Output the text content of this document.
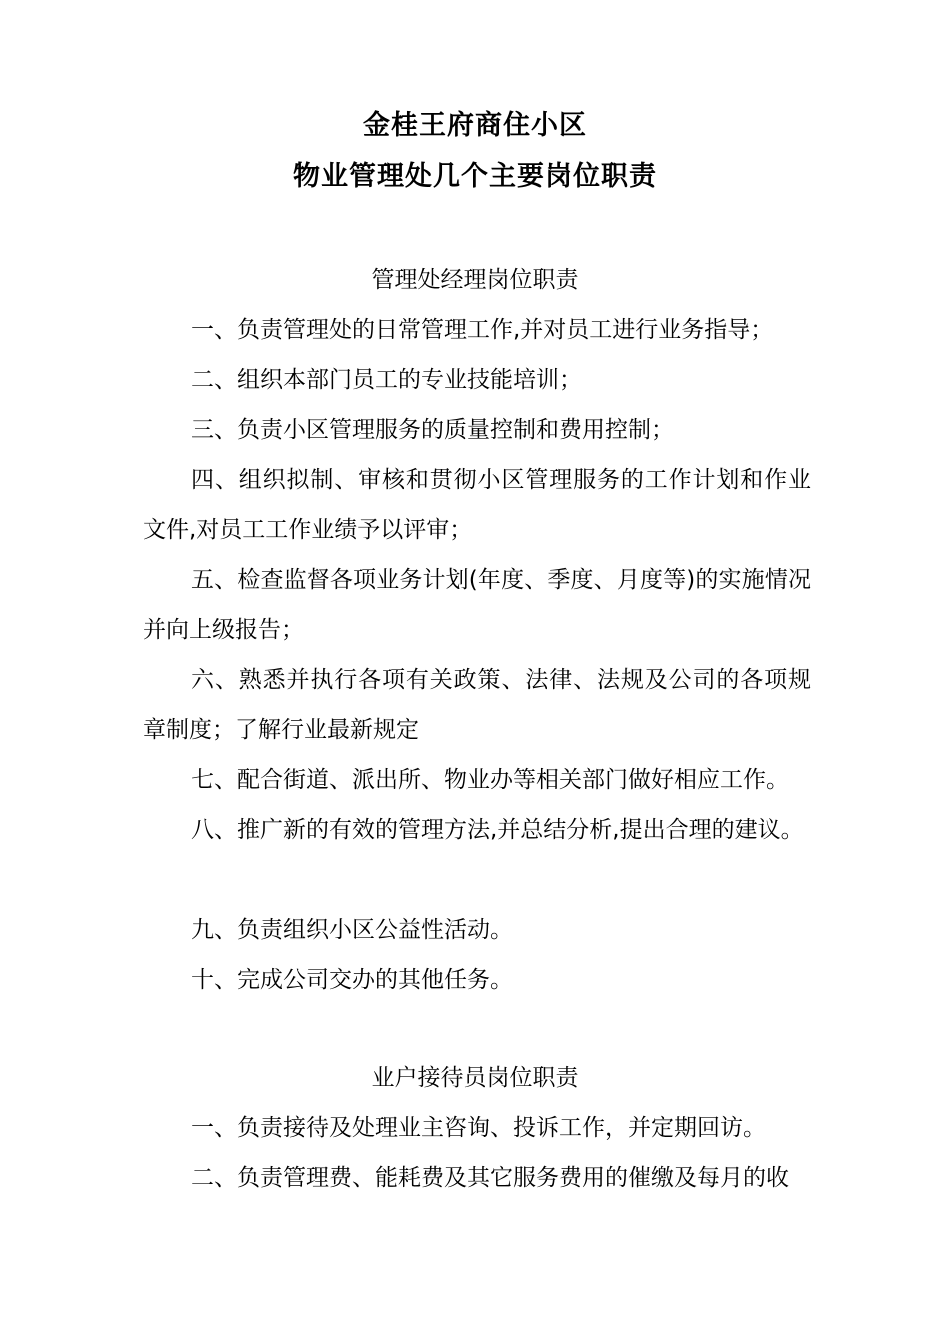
金桂王府商住小区
物业管理处几个主要岗位职责
管理处经理岗位职责

一、负责管理处的日常管理工作,并对员工进行业务指导；

二、组织本部门员工的专业技能培训；

三、负责小区管理服务的质量控制和费用控制；

四、组织拟制、审核和贯彻小区管理服务的工作计划和作业文件,对员工工作业绩予以评审；

五、检查监督各项业务计划(年度、季度、月度等)的实施情况并向上级报告；

六、熟悉并执行各项有关政策、法律、法规及公司的各项规章制度；了解行业最新规定

七、配合街道、派出所、物业办等相关部门做好相应工作。

八、推广新的有效的管理方法,并总结分析,提出合理的建议。

九、负责组织小区公益性活动。

十、完成公司交办的其他任务。

业户接待员岗位职责

一、负责接待及处理业主咨询、投诉工作，并定期回访。

二、负责管理费、能耗费及其它服务费用的催缴及每月的收
